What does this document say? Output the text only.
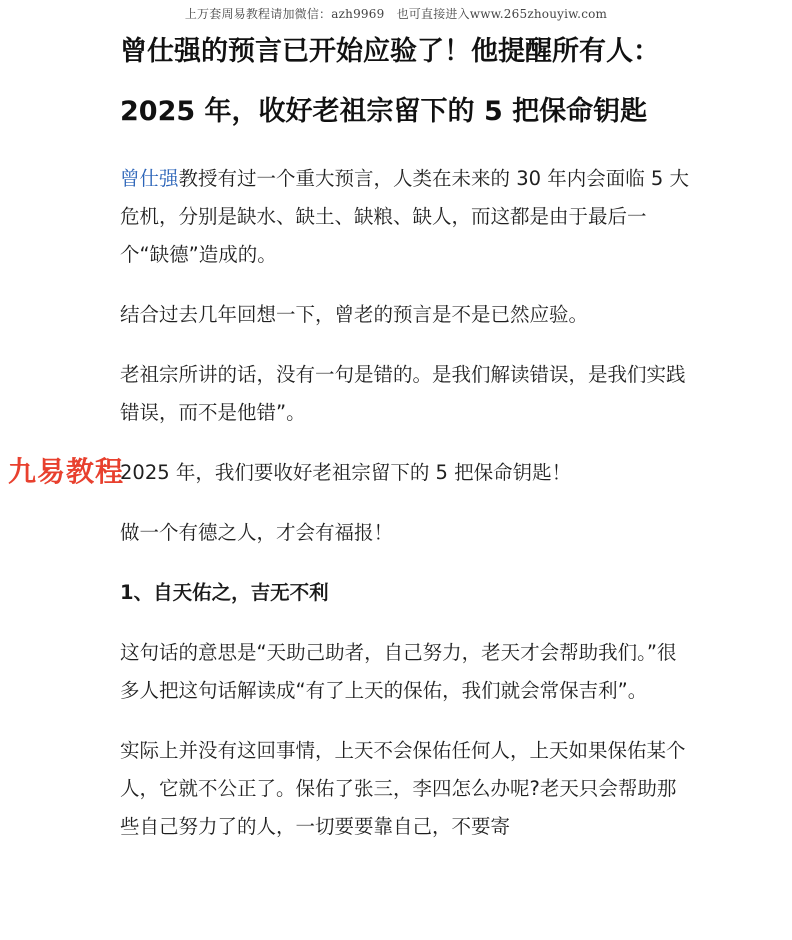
上万套周易教程请加微信：azh9969　也可直接进入www.265zhouyiw.com
曾仕强的预言已开始应验了！他提醒所有人：
2025 年，收好老祖宗留下的 5 把保命钥匙

曾仕强教授有过一个重大预言，人类在未来的 30 年内会面临 5 大危机，分别是缺水、缺土、缺粮、缺人，而这都是由于最后一个“缺德”造成的。

结合过去几年回想一下，曾老的预言是不是已然应验。

老祖宗所讲的话，没有一句是错的。是我们解读错误，是我们实践错误，而不是他错”。

2025 年，我们要收好老祖宗留下的 5 把保命钥匙！

做一个有德之人，才会有福报！

1、自天佑之，吉无不利

这句话的意思是“天助己助者，自己努力，老天才会帮助我们。”很多人把这句话解读成“有了上天的保佑，我们就会常保吉利”。

实际上并没有这回事情，上天不会保佑任何人，上天如果保佑某个人，它就不公正了。保佑了张三，李四怎么办呢?老天只会帮助那些自己努力了的人，一切要要靠自己，不要寄

九易教程
